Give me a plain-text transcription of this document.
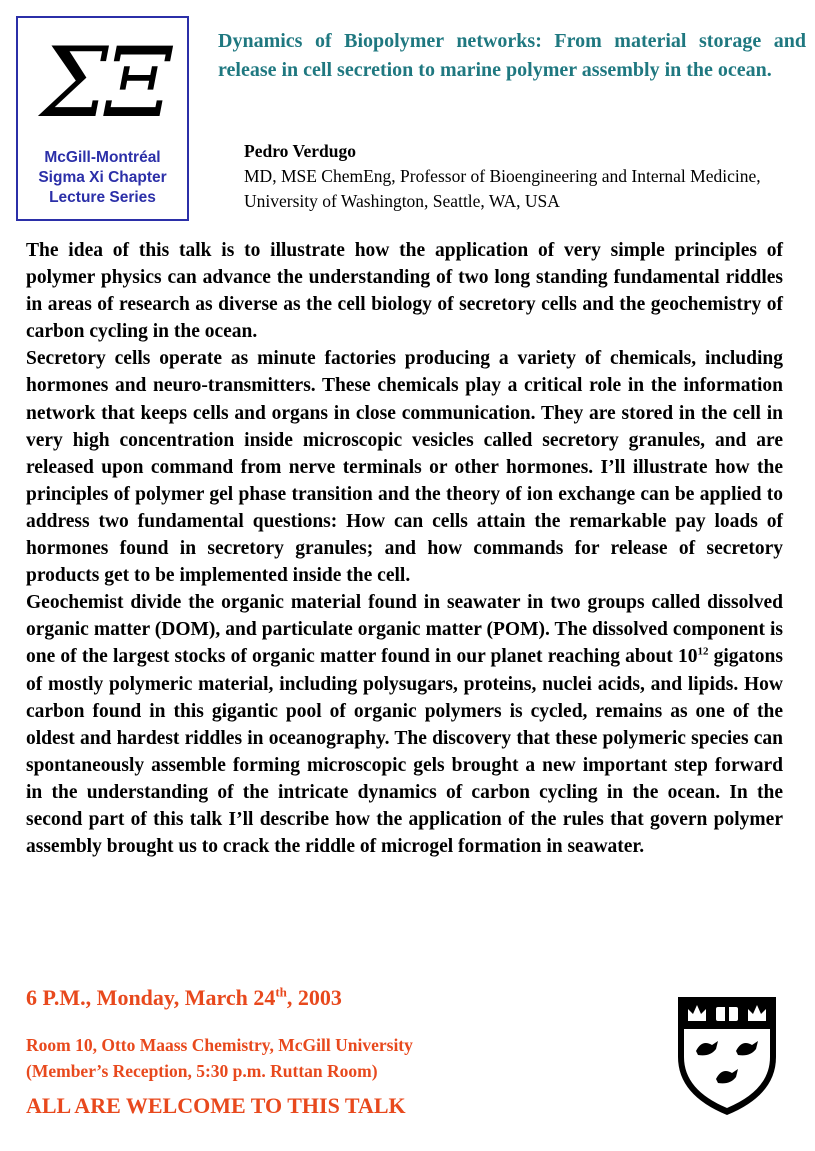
ΣΞ
McGill-Montréal
Sigma Xi Chapter
Lecture Series
Dynamics of Biopolymer networks: From material storage and release in cell secretion to marine polymer assembly in the ocean.
Pedro Verdugo
MD, MSE ChemEng, Professor of Bioengineering and Internal Medicine, University of Washington, Seattle, WA, USA

The idea of this talk is to illustrate how the application of very simple principles of polymer physics can advance the understanding of two long standing fundamental riddles in areas of research as diverse as the cell biology of secretory cells and the geochemistry of carbon cycling in the ocean.

Secretory cells operate as minute factories producing a variety of chemicals, including hormones and neuro-transmitters. These chemicals play a critical role in the information network that keeps cells and organs in close communication. They are stored in the cell in very high concentration inside microscopic vesicles called secretory granules, and are released upon command from nerve terminals or other hormones. I’ll illustrate how the principles of polymer gel phase transition and the theory of ion exchange can be applied to address two fundamental questions: How can cells attain the remarkable pay loads of hormones found in secretory granules; and how commands for release of secretory products get to be implemented inside the cell.

Geochemist divide the organic material found in seawater in two groups called dissolved organic matter (DOM), and particulate organic matter (POM). The dissolved component is one of the largest stocks of organic matter found in our planet reaching about $10^{12}$ gigatons of mostly polymeric material, including polysugars, proteins, nuclei acids, and lipids. How carbon found in this gigantic pool of organic polymers is cycled, remains as one of the oldest and hardest riddles in oceanography. The discovery that these polymeric species can spontaneously assemble forming microscopic gels brought a new important step forward in the understanding of the intricate dynamics of carbon cycling in the ocean. In the second part of this talk I’ll describe how the application of the rules that govern polymer assembly brought us to crack the riddle of microgel formation in seawater.

6 P.M., Monday, March 24th, 2003
Room 10, Otto Maass Chemistry, McGill University
(Member’s Reception, 5:30 p.m. Ruttan Room)
ALL ARE WELCOME TO THIS TALK
